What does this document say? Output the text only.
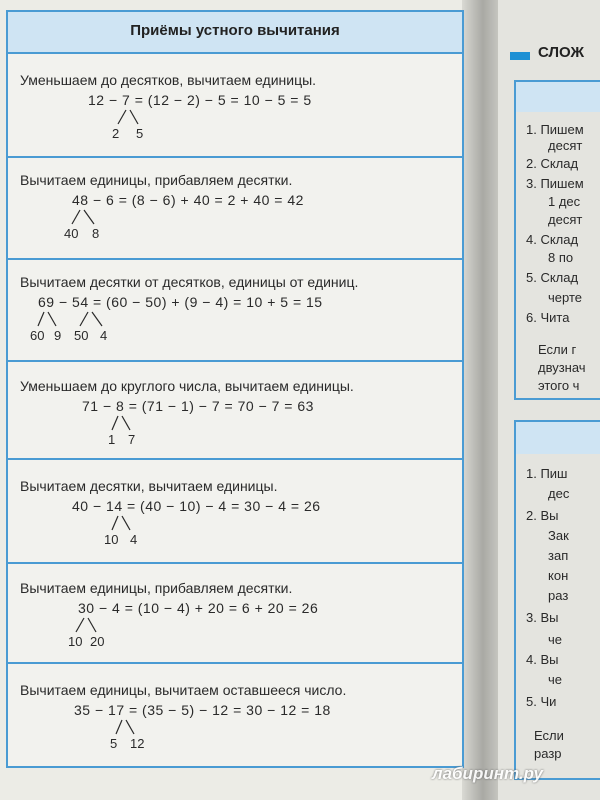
СЛОЖ
1. Пишем
десят
2. Склад
3. Пишем
1 дес
десят
4. Склад
8 по
5. Склад
черте
6. Чита
Если г
двузнач
этого ч
1. Пиш
дес
2. Вы
Зак
зап
кон
раз
3. Вы
че
4. Вы
че
5. Чи
Если
разр
Приёмы устного вычитания
Уменьшаем до десятков, вычитаем единицы.
12 − 7 = (12 − 2) − 5 = 10 − 5 = 5
2 5
Вычитаем единицы, прибавляем десятки.
48 − 6 = (8 − 6) + 40 = 2 + 40 = 42
40 8
Вычитаем десятки от десятков, единицы от единиц.
69 − 54 = (60 − 50) + (9 − 4) = 10 + 5 = 15
60 9 50 4
Уменьшаем до круглого числа, вычитаем единицы.
71 − 8 = (71 − 1) − 7 = 70 − 7 = 63
1 7
Вычитаем десятки, вычитаем единицы.
40 − 14 = (40 − 10) − 4 = 30 − 4 = 26
10 4
Вычитаем единицы, прибавляем десятки.
30 − 4 = (10 − 4) + 20 = 6 + 20 = 26
10 20
Вычитаем единицы, вычитаем оставшееся число.
35 − 17 = (35 − 5) − 12 = 30 − 12 = 18
5 12
лабиринт.ру
